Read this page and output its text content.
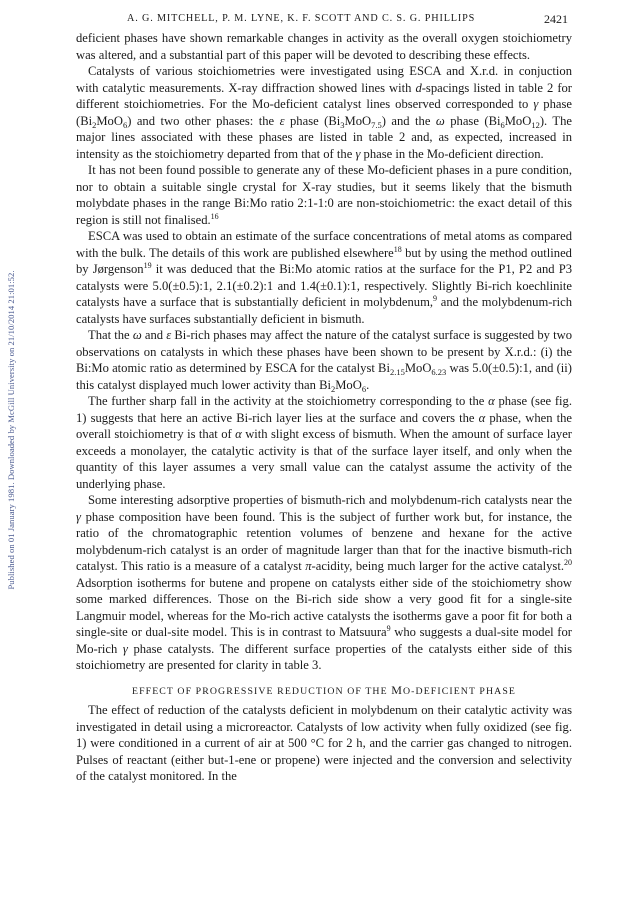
Published on 01 January 1981. Downloaded by McGill University on 21/10/2014 21:01:52.
A. G. MITCHELL, P. M. LYNE, K. F. SCOTT AND C. S. G. PHILLIPS	2421

deficient phases have shown remarkable changes in activity as the overall oxygen stoichiometry was altered, and a substantial part of this paper will be devoted to describing these effects.

Catalysts of various stoichiometries were investigated using ESCA and X.r.d. in conjuction with catalytic measurements. X-ray diffraction showed lines with d-spacings listed in table 2 for different stoichiometries. For the Mo-deficient catalyst lines observed corresponded to γ phase $(Bi_2MoO_6)$ and two other phases: the ε phase $(Bi_3MoO_{7.5})$ and the ω phase $(Bi_6MoO_{12})$. The major lines associated with these phases are listed in table 2 and, as expected, increased in intensity as the stoichiometry departed from that of the γ phase in the Mo-deficient direction.

It has not been found possible to generate any of these Mo-deficient phases in a pure condition, nor to obtain a suitable single crystal for X-ray studies, but it seems likely that the bismuth molybdate phases in the range Bi:Mo ratio 2:1-1:0 are non-stoichiometric: the exact detail of this region is still not finalised.$^{16}$

ESCA was used to obtain an estimate of the surface concentrations of metal atoms as compared with the bulk. The details of this work are published elsewhere$^{18}$ but by using the method outlined by Jørgenson$^{19}$ it was deduced that the Bi:Mo atomic ratios at the surface for the P1, P2 and P3 catalysts were 5.0(±0.5):1, 2.1(±0.2):1 and 1.4(±0.1):1, respectively. Slightly Bi-rich koechlinite catalysts have a surface that is substantially deficient in molybdenum,$^9$ and the molybdenum-rich catalysts have surfaces substantially deficient in bismuth.

That the ω and ε Bi-rich phases may affect the nature of the catalyst surface is suggested by two observations on catalysts in which these phases have been shown to be present by X.r.d.: (i) the Bi:Mo atomic ratio as determined by ESCA for the catalyst $Bi_{2.15}MoO_{6.23}$ was 5.0(±0.5):1, and (ii) this catalyst displayed much lower activity than $Bi_2MoO_6$.

The further sharp fall in the activity at the stoichiometry corresponding to the α phase (see fig. 1) suggests that here an active Bi-rich layer lies at the surface and covers the α phase, when the overall stoichiometry is that of α with slight excess of bismuth. When the amount of surface layer exceeds a monolayer, the catalytic activity is that of the surface layer itself, and only when the quantity of this layer assumes a very small value can the catalyst assume the activity of the underlying phase.

Some interesting adsorptive properties of bismuth-rich and molybdenum-rich catalysts near the γ phase composition have been found. This is the subject of further work but, for instance, the ratio of the chromatographic retention volumes of benzene and hexane for the active molybdenum-rich catalyst is an order of magnitude larger than that for the inactive bismuth-rich catalyst. This ratio is a measure of a catalyst π-acidity, being much larger for the active catalyst.$^{20}$ Adsorption isotherms for butene and propene on catalysts either side of the stoichiometry show some marked differences. Those on the Bi-rich side show a very good fit for a single-site Langmuir model, whereas for the Mo-rich active catalysts the isotherms gave a poor fit for both a single-site or dual-site model. This is in contrast to Matsuura$^9$ who suggests a dual-site model for Mo-rich γ phase catalysts. The different surface properties of the catalysts either side of this stoichiometry are presented for clarity in table 3.

EFFECT OF PROGRESSIVE REDUCTION OF THE MO-DEFICIENT PHASE

The effect of reduction of the catalysts deficient in molybdenum on their catalytic activity was investigated in detail using a microreactor. Catalysts of low activity when fully oxidized (see fig. 1) were conditioned in a current of air at 500 °C for 2 h, and the carrier gas changed to nitrogen. Pulses of reactant (either but-1-ene or propene) were injected and the conversion and selectivity of the catalyst monitored. In the
